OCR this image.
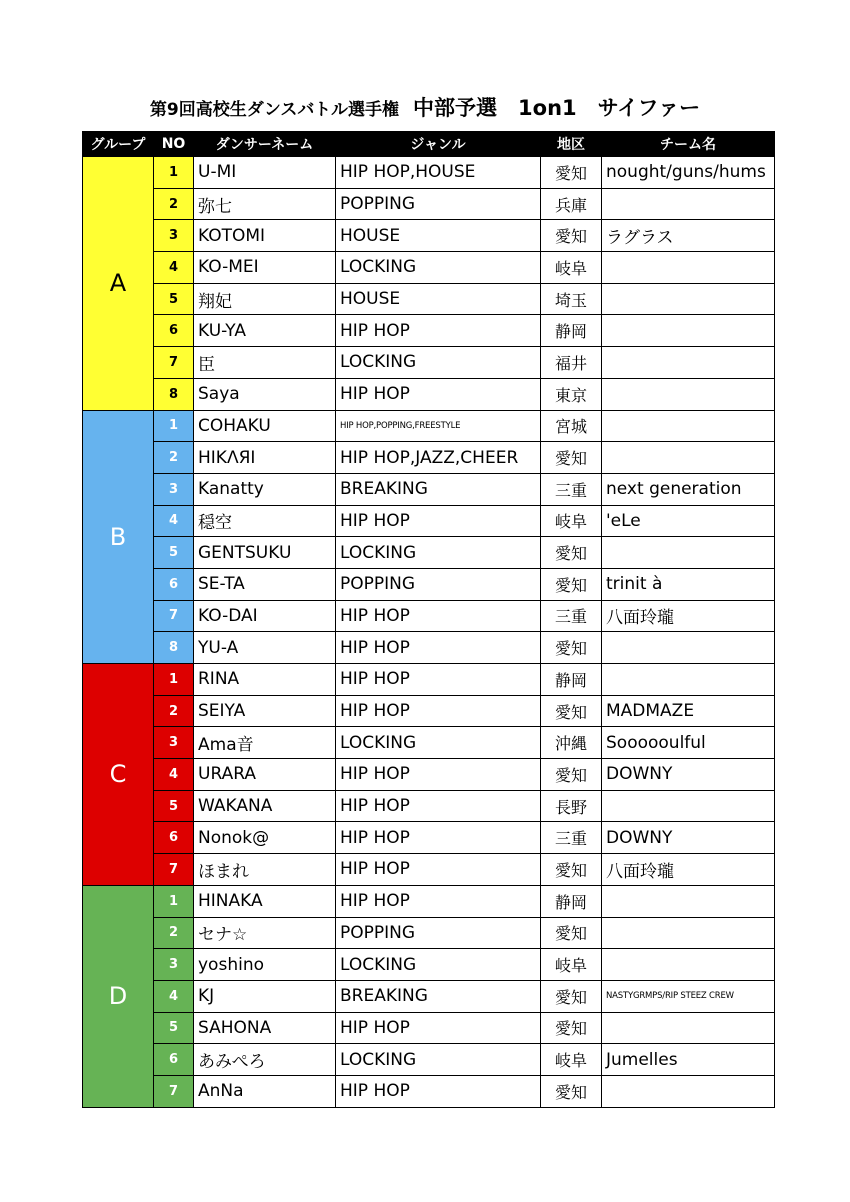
第9回高校生ダンスバトル選手権 中部予選　1on1　サイファー
グループ	NO	ダンサーネーム	ジャンル	地区	チーム名
A	1	U-MI	HIP HOP,HOUSE	愛知	nought/guns/hums
	2	弥七	POPPING	兵庫	
	3	KOTOMI	HOUSE	愛知	ラグラス
	4	KO-MEI	LOCKING	岐阜	
	5	翔妃	HOUSE	埼玉	
	6	KU-YA	HIP HOP	静岡	
	7	臣	LOCKING	福井	
	8	Saya	HIP HOP	東京	
B	1	COHAKU	HIP HOP,POPPING,FREESTYLE	宮城	
	2	HIKΛЯI	HIP HOP,JAZZ,CHEER	愛知	
	3	Kanatty	BREAKING	三重	next generation
	4	穏空	HIP HOP	岐阜	'eLe
	5	GENTSUKU	LOCKING	愛知	
	6	SE-TA	POPPING	愛知	trinit à
	7	KO-DAI	HIP HOP	三重	八面玲瓏
	8	YU-A	HIP HOP	愛知	
C	1	RINA	HIP HOP	静岡	
	2	SEIYA	HIP HOP	愛知	MADMAZE
	3	Ama音	LOCKING	沖縄	Soooooulful
	4	URARA	HIP HOP	愛知	DOWNY
	5	WAKANA	HIP HOP	長野	
	6	Nonok@	HIP HOP	三重	DOWNY
	7	ほまれ	HIP HOP	愛知	八面玲瓏
D	1	HINAKA	HIP HOP	静岡	
	2	セナ☆	POPPING	愛知	
	3	yoshino	LOCKING	岐阜	
	4	KJ	BREAKING	愛知	NASTYGRMPS/RIP STEEZ CREW
	5	SAHONA	HIP HOP	愛知	
	6	あみぺろ	LOCKING	岐阜	Jumelles
	7	AnNa	HIP HOP	愛知	
